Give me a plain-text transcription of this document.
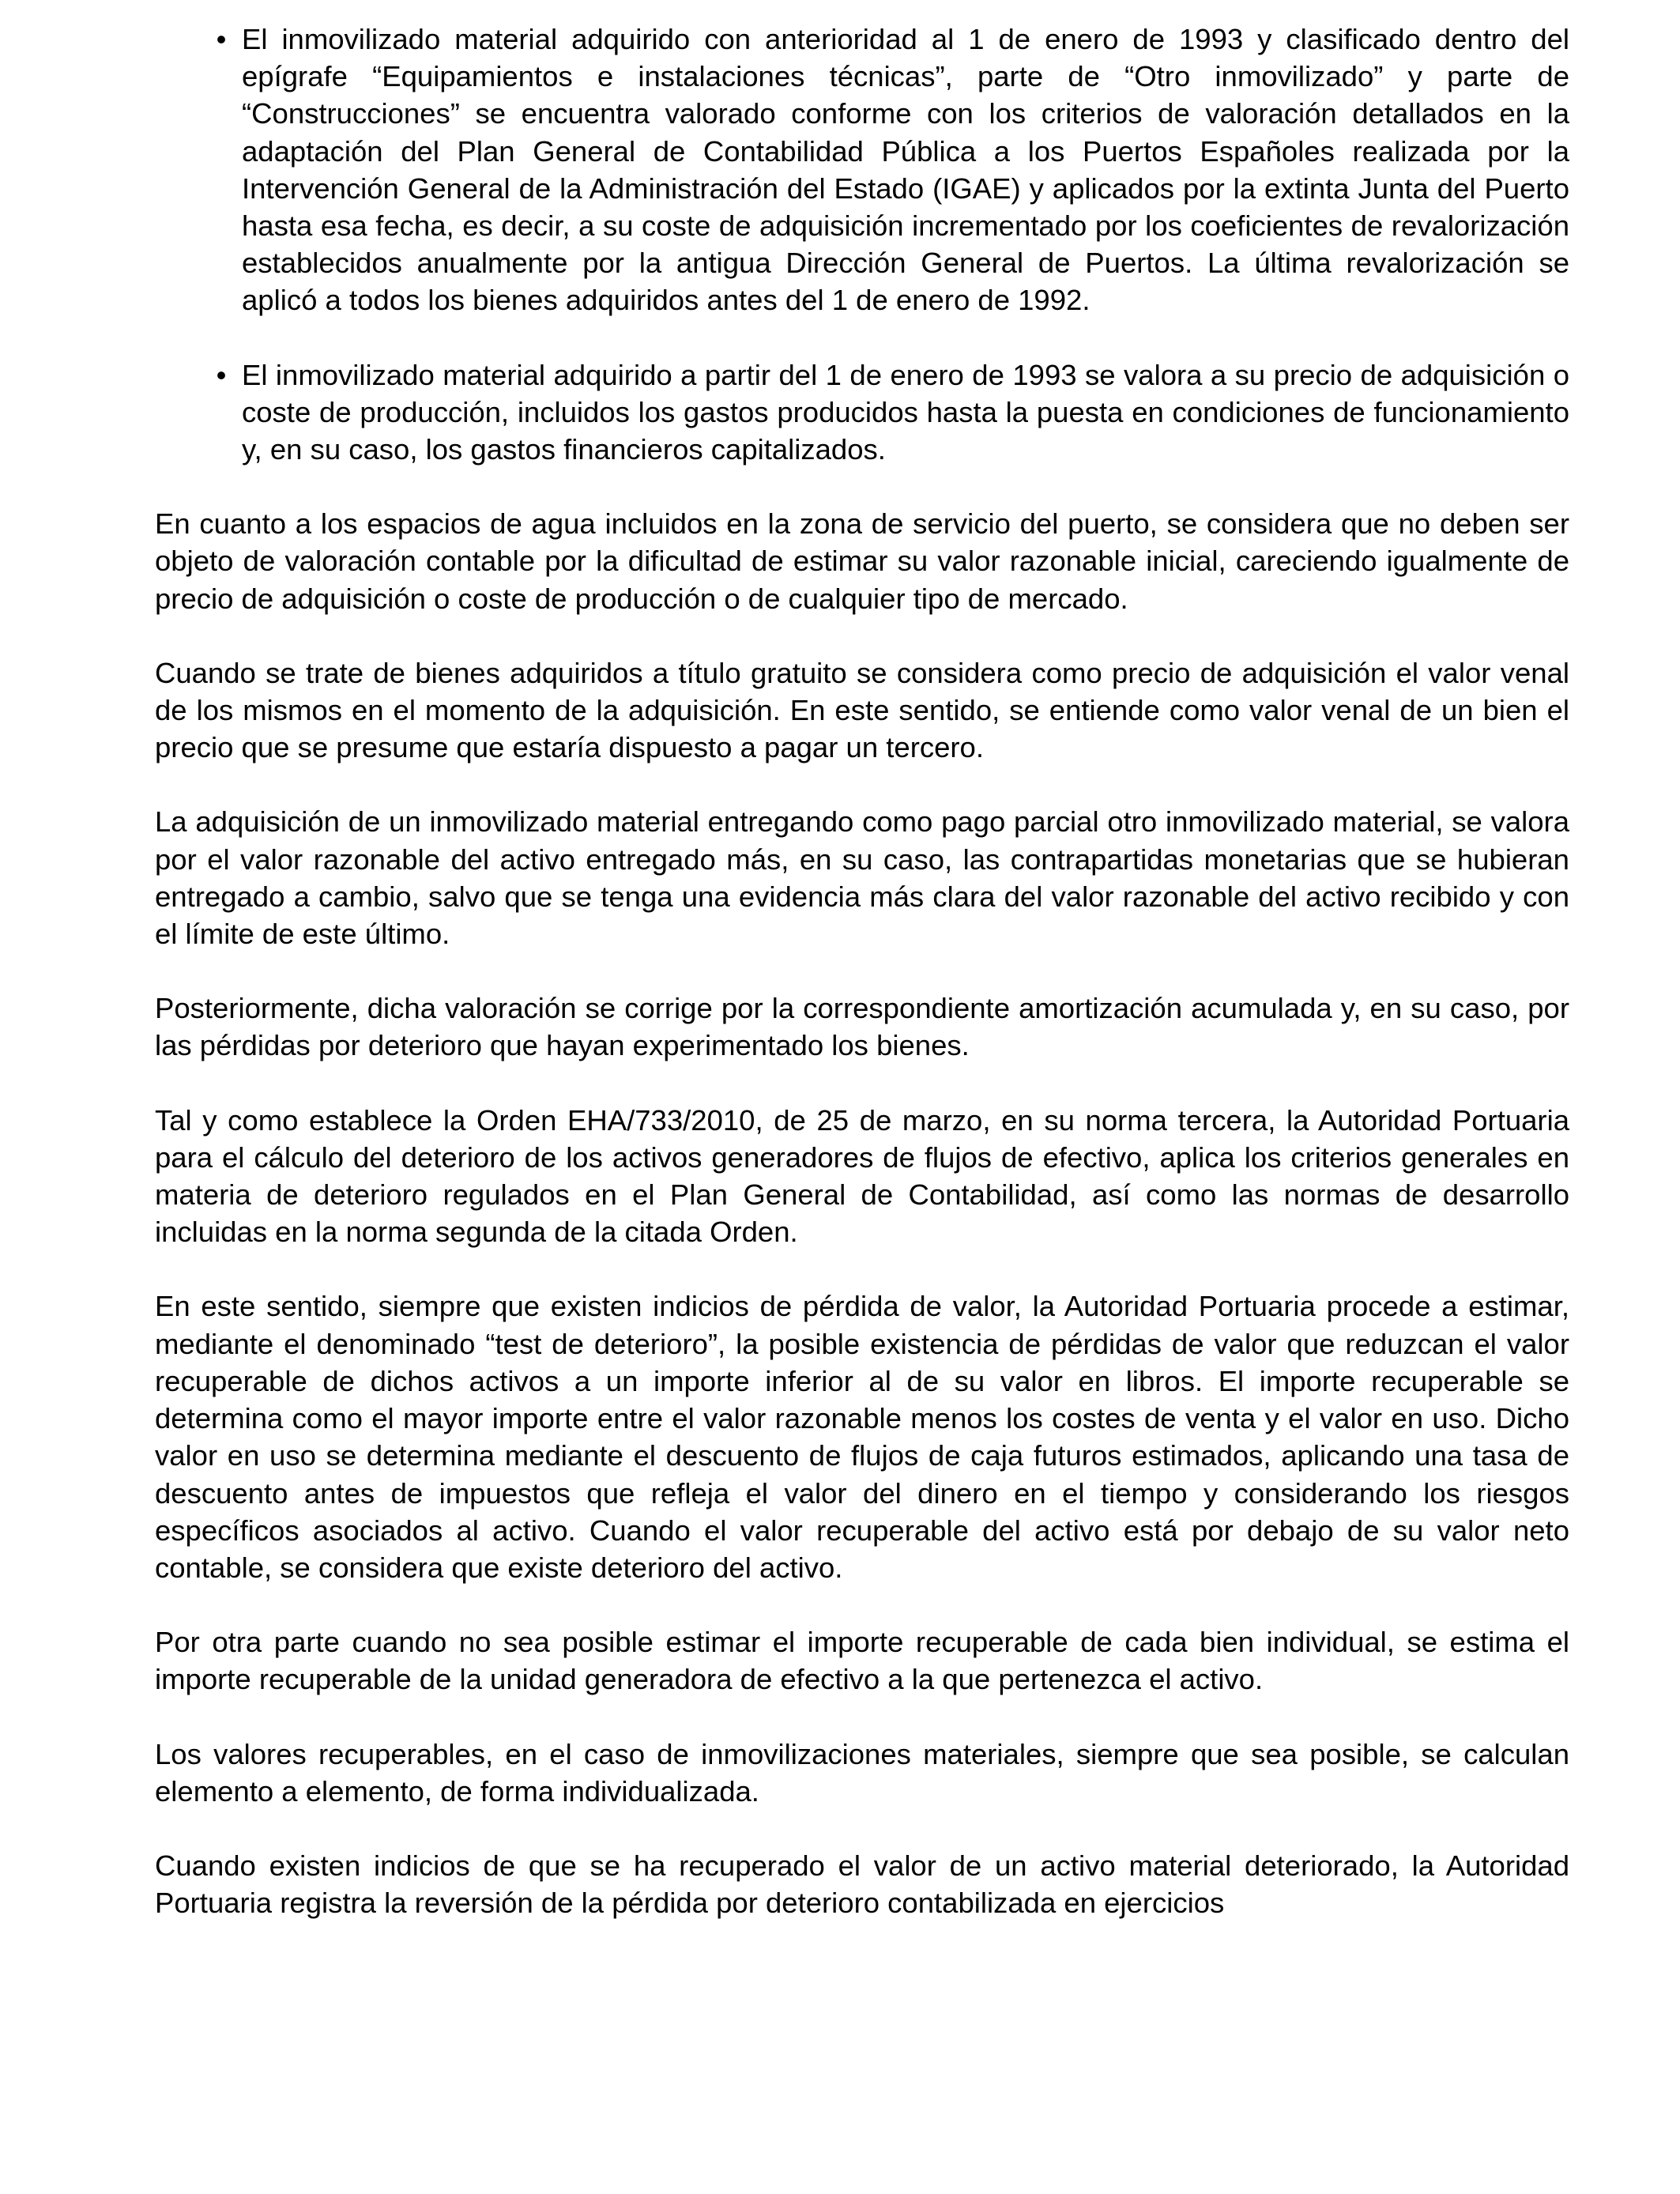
• El inmovilizado material adquirido con anterioridad al 1 de enero de 1993 y clasificado dentro del epígrafe “Equipamientos e instalaciones técnicas”, parte de “Otro inmovilizado” y parte de “Construcciones” se encuentra valorado conforme con los criterios de valoración detallados en la adaptación del Plan General de Contabilidad Pública a los Puertos Españoles realizada por la Intervención General de la Administración del Estado (IGAE) y aplicados por la extinta Junta del Puerto hasta esa fecha, es decir, a su coste de adquisición incrementado por los coeficientes de revalorización establecidos anualmente por la antigua Dirección General de Puertos. La última revalorización se aplicó a todos los bienes adquiridos antes del 1 de enero de 1992.
• El inmovilizado material adquirido a partir del 1 de enero de 1993 se valora a su precio de adquisición o coste de producción, incluidos los gastos producidos hasta la puesta en condiciones de funcionamiento y, en su caso, los gastos financieros capitalizados.

En cuanto a los espacios de agua incluidos en la zona de servicio del puerto, se considera que no deben ser objeto de valoración contable por la dificultad de estimar su valor razonable inicial, careciendo igualmente de precio de adquisición o coste de producción o de cualquier tipo de mercado.

Cuando se trate de bienes adquiridos a título gratuito se considera como precio de adquisición el valor venal de los mismos en el momento de la adquisición. En este sentido, se entiende como valor venal de un bien el precio que se presume que estaría dispuesto a pagar un tercero.

La adquisición de un inmovilizado material entregando como pago parcial otro inmovilizado material, se valora por el valor razonable del activo entregado más, en su caso, las contrapartidas monetarias que se hubieran entregado a cambio, salvo que se tenga una evidencia más clara del valor razonable del activo recibido y con el límite de este último.

Posteriormente, dicha valoración se corrige por la correspondiente amortización acumulada y, en su caso, por las pérdidas por deterioro que hayan experimentado los bienes.

Tal y como establece la Orden EHA/733/2010, de 25 de marzo, en su norma tercera, la Autoridad Portuaria para el cálculo del deterioro de los activos generadores de flujos de efectivo, aplica los criterios generales en materia de deterioro regulados en el Plan General de Contabilidad, así como las normas de desarrollo incluidas en la norma segunda de la citada Orden.

En este sentido, siempre que existen indicios de pérdida de valor, la Autoridad Portuaria procede a estimar, mediante el denominado “test de deterioro”, la posible existencia de pérdidas de valor que reduzcan el valor recuperable de dichos activos a un importe inferior al de su valor en libros. El importe recuperable se determina como el mayor importe entre el valor razonable menos los costes de venta y el valor en uso. Dicho valor en uso se determina mediante el descuento de flujos de caja futuros estimados, aplicando una tasa de descuento antes de impuestos que refleja el valor del dinero en el tiempo y considerando los riesgos específicos asociados al activo. Cuando el valor recuperable del activo está por debajo de su valor neto contable, se considera que existe deterioro del activo.

Por otra parte cuando no sea posible estimar el importe recuperable de cada bien individual, se estima el importe recuperable de la unidad generadora de efectivo a la que pertenezca el activo.

Los valores recuperables, en el caso de inmovilizaciones materiales, siempre que sea posible, se calculan elemento a elemento, de forma individualizada.

Cuando existen indicios de que se ha recuperado el valor de un activo material deteriorado, la Autoridad Portuaria registra la reversión de la pérdida por deterioro contabilizada en ejercicios
